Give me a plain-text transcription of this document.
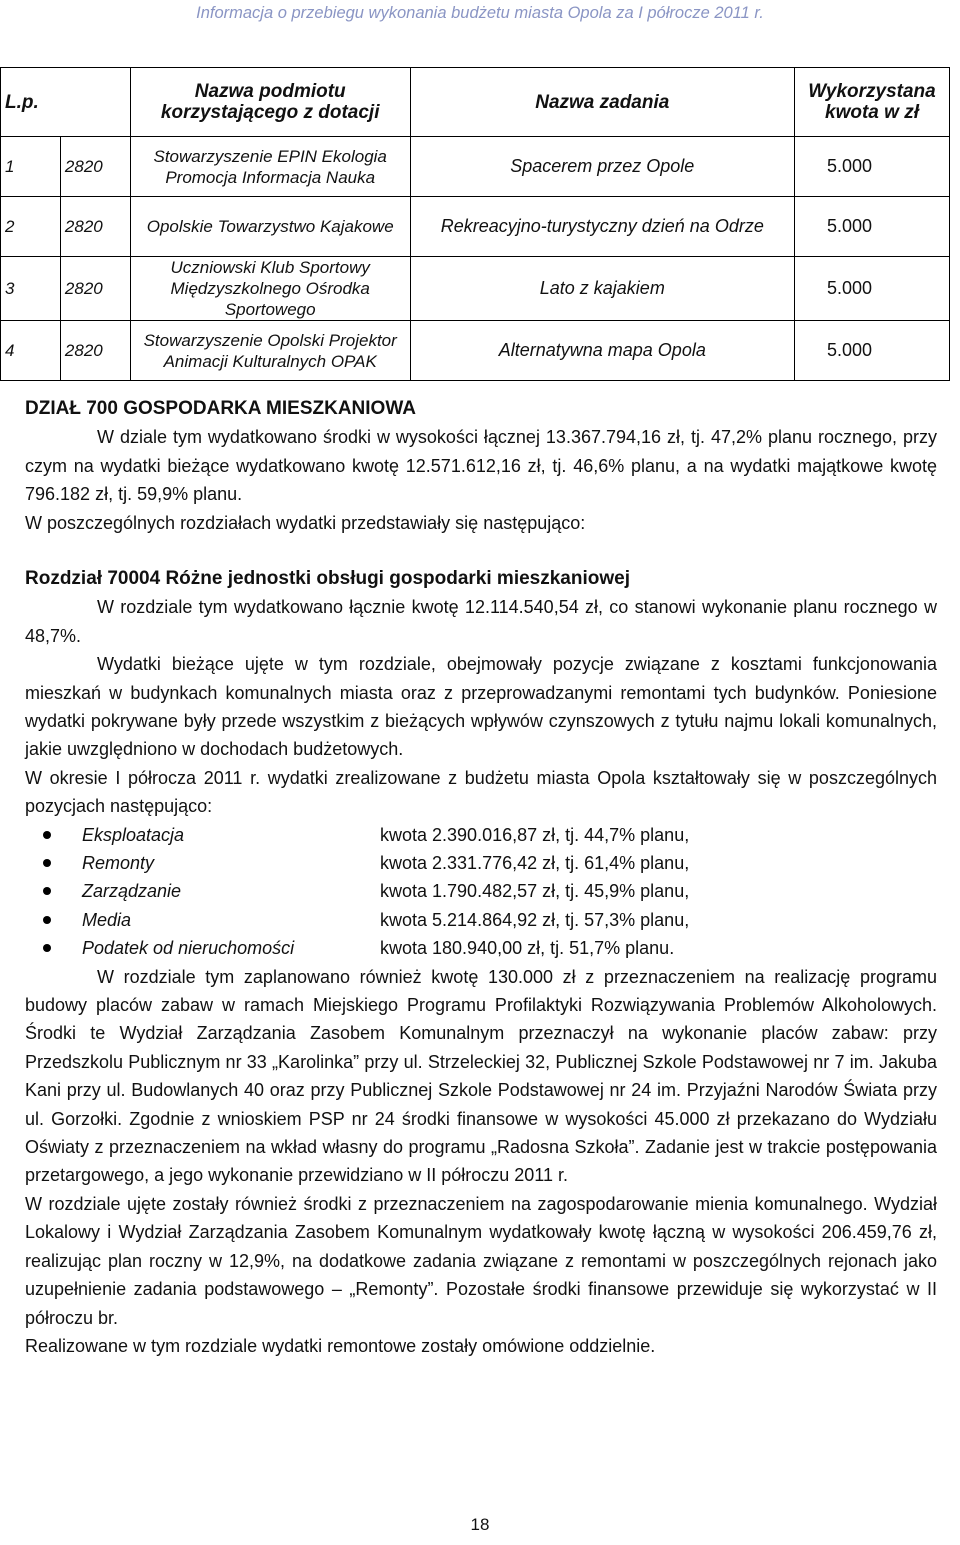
Informacja o przebiegu wykonania budżetu miasta Opola za I półrocze 2011 r.
L.p.		Nazwa podmiotu korzystającego z dotacji	Nazwa zadania	Wykorzystana kwota w zł
1	2820	Stowarzyszenie EPIN Ekologia Promocja Informacja Nauka	Spacerem przez Opole	5.000
2	2820	Opolskie Towarzystwo Kajakowe	Rekreacyjno-turystyczny dzień na Odrze	5.000
3	2820	Uczniowski Klub Sportowy Międzyszkolnego Ośrodka Sportowego	Lato z kajakiem	5.000
4	2820	Stowarzyszenie Opolski Projektor Animacji Kulturalnych OPAK	Alternatywna mapa Opola	5.000

DZIAŁ 700 GOSPODARKA MIESZKANIOWA

W dziale tym wydatkowano środki w wysokości łącznej 13.367.794,16 zł, tj. 47,2% planu rocznego, przy czym na wydatki bieżące wydatkowano kwotę 12.571.612,16 zł, tj. 46,6% planu, a na wydatki majątkowe kwotę 796.182 zł, tj. 59,9% planu.

W poszczególnych rozdziałach wydatki przedstawiały się następująco:

Rozdział 70004 Różne jednostki obsługi gospodarki mieszkaniowej

W rozdziale tym wydatkowano łącznie kwotę 12.114.540,54 zł, co stanowi wykonanie planu rocznego w 48,7%.

Wydatki bieżące ujęte w tym rozdziale, obejmowały pozycje związane z kosztami funkcjonowania mieszkań w budynkach komunalnych miasta oraz z przeprowadzanymi remontami tych budynków. Poniesione wydatki pokrywane były przede wszystkim z bieżących wpływów czynszowych z tytułu najmu lokali komunalnych, jakie uwzględniono w dochodach budżetowych.

W okresie I półrocza 2011 r. wydatki zrealizowane z budżetu miasta Opola kształtowały się w poszczególnych pozycjach następująco:

Eksploatacja	kwota 2.390.016,87 zł, tj. 44,7% planu,
Remonty	kwota 2.331.776,42 zł, tj. 61,4% planu,
Zarządzanie	kwota 1.790.482,57 zł, tj. 45,9% planu,
Media	kwota 5.214.864,92 zł, tj. 57,3% planu,
Podatek od nieruchomości	kwota 180.940,00 zł, tj. 51,7% planu.

W rozdziale tym zaplanowano również kwotę 130.000 zł z przeznaczeniem na realizację programu budowy placów zabaw w ramach Miejskiego Programu Profilaktyki Rozwiązywania Problemów Alkoholowych. Środki te Wydział Zarządzania Zasobem Komunalnym przeznaczył na wykonanie placów zabaw: przy Przedszkolu Publicznym nr 33 „Karolinka” przy ul. Strzeleckiej 32, Publicznej Szkole Podstawowej nr 7 im. Jakuba Kani przy ul. Budowlanych 40 oraz przy Publicznej Szkole Podstawowej nr 24 im. Przyjaźni Narodów Świata przy ul. Gorzołki. Zgodnie z wnioskiem PSP nr 24 środki finansowe w wysokości 45.000 zł przekazano do Wydziału Oświaty z przeznaczeniem na wkład własny do programu „Radosna Szkoła”. Zadanie jest w trakcie postępowania przetargowego, a jego wykonanie przewidziano w II półroczu 2011 r.

W rozdziale ujęte zostały również środki z przeznaczeniem na zagospodarowanie mienia komunalnego. Wydział Lokalowy i Wydział Zarządzania Zasobem Komunalnym wydatkowały kwotę łączną w wysokości 206.459,76 zł, realizując plan roczny w 12,9%, na dodatkowe zadania związane z remontami w poszczególnych rejonach jako uzupełnienie zadania podstawowego – „Remonty”. Pozostałe środki finansowe przewiduje się wykorzystać w II półroczu br.

Realizowane w tym rozdziale wydatki remontowe zostały omówione oddzielnie.

18
